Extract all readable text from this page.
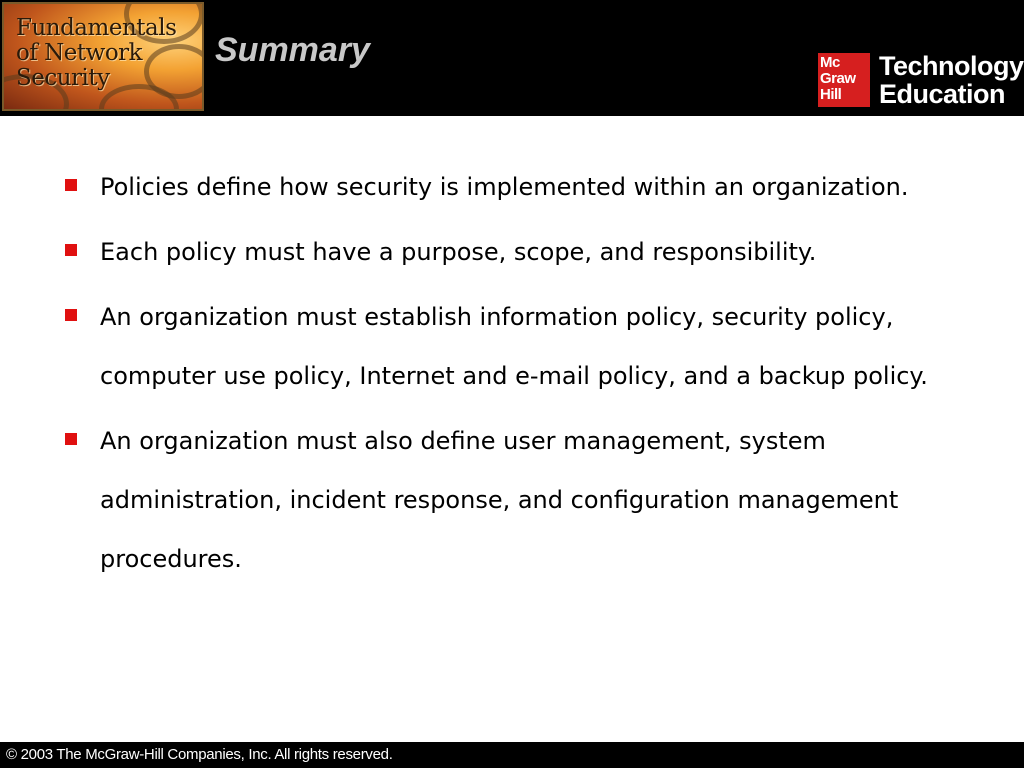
Fundamentals
of Network
Security
Summary	Mc
Graw
Hill
Technology
Education
Policies define how security is implemented within an organization.
Each policy must have a purpose, scope, and responsibility.
An organization must establish information policy, security policy, computer use policy, Internet and e-mail policy, and a backup policy.
An organization must also define user management, system administration, incident response, and configuration management procedures.
© 2003 The McGraw-Hill Companies, Inc. All rights reserved.
